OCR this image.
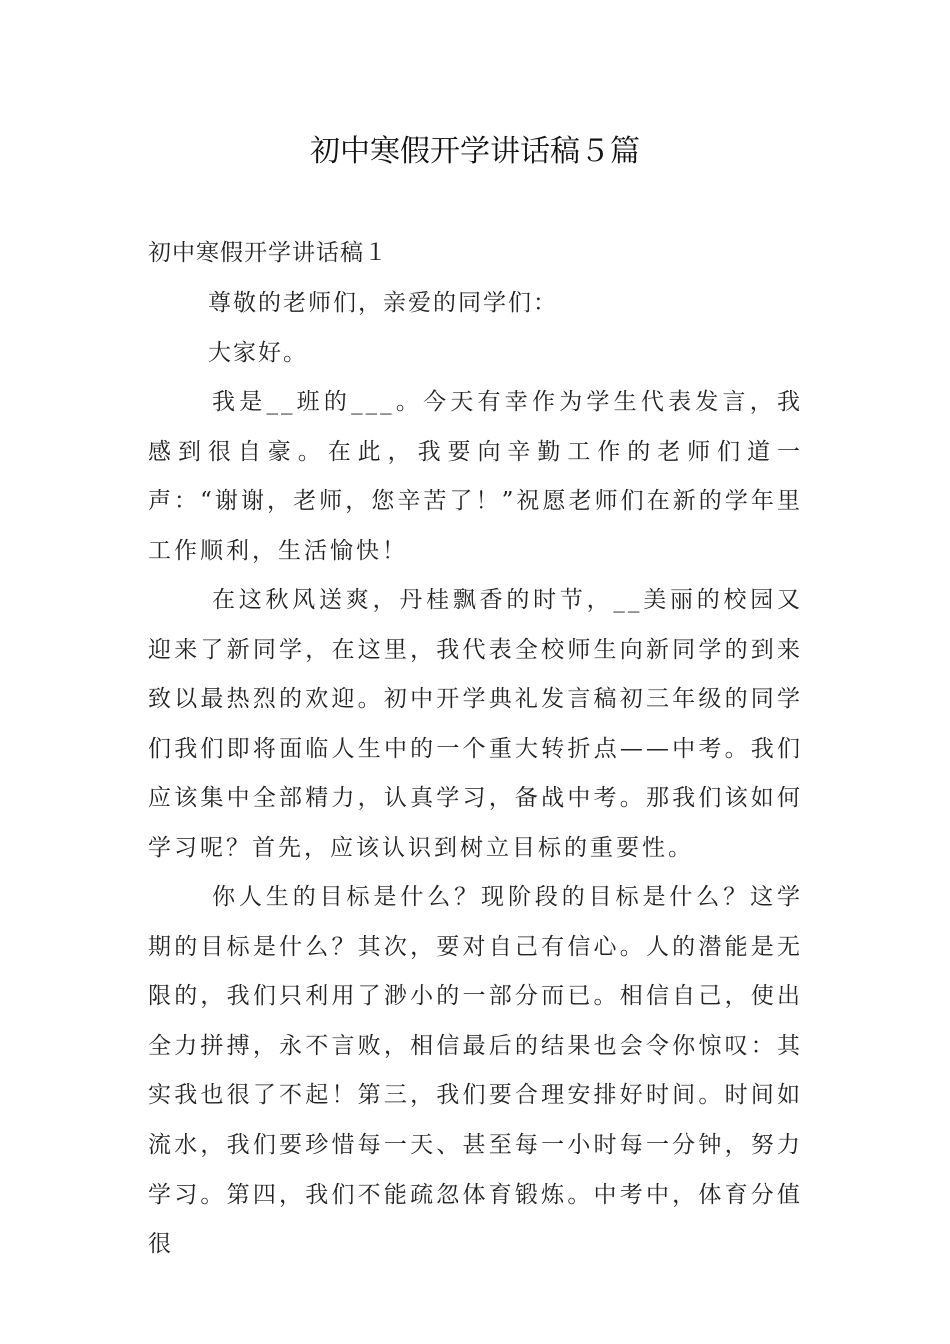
初中寒假开学讲话稿５篇

初中寒假开学讲话稿１

尊敬的老师们，亲爱的同学们：

大家好。

我是__班的___。今天有幸作为学生代表发言，我感到很自豪。在此，我要向辛勤工作的老师们道一声：“谢谢，老师，您辛苦了！”祝愿老师们在新的学年里工作顺利，生活愉快！

在这秋风送爽，丹桂飘香的时节，__美丽的校园又迎来了新同学，在这里，我代表全校师生向新同学的到来致以最热烈的欢迎。初中开学典礼发言稿初三年级的同学们我们即将面临人生中的一个重大转折点——中考。我们应该集中全部精力，认真学习，备战中考。那我们该如何学习呢？首先，应该认识到树立目标的重要性。

你人生的目标是什么？现阶段的目标是什么？这学期的目标是什么？其次，要对自己有信心。人的潜能是无限的，我们只利用了渺小的一部分而已。相信自己，使出全力拼搏，永不言败，相信最后的结果也会令你惊叹：其实我也很了不起！第三，我们要合理安排好时间。时间如流水，我们要珍惜每一天、甚至每一小时每一分钟，努力学习。第四，我们不能疏忽体育锻炼。中考中，体育分值很
